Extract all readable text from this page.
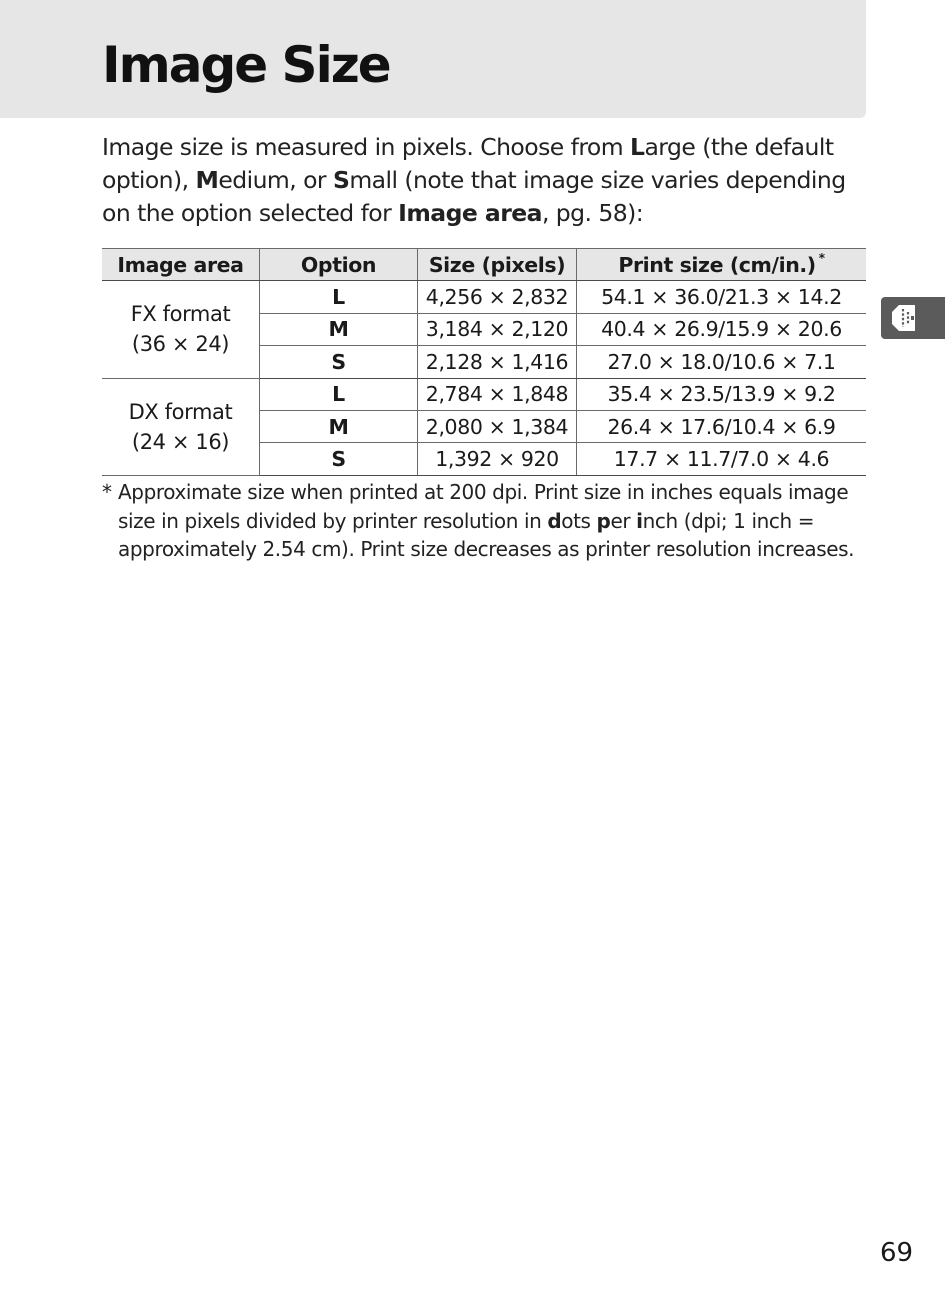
Image Size

Image size is measured in pixels. Choose from Large (the default option), Medium, or Small (note that image size varies depending on the option selected for Image area, pg. 58):

Image area	Option	Size (pixels)	Print size (cm/in.) *
FX format
(36 × 24)	L	4,256 × 2,832	54.1 × 36.0/21.3 × 14.2
	M	3,184 × 2,120	40.4 × 26.9/15.9 × 20.6
	S	2,128 × 1,416	27.0 × 18.0/10.6 × 7.1
DX format
(24 × 16)	L	2,784 × 1,848	35.4 × 23.5/13.9 × 9.2
	M	2,080 × 1,384	26.4 × 17.6/10.4 × 6.9
	S	1,392 × 920	17.7 × 11.7/7.0 × 4.6
* Approximate size when printed at 200 dpi. Print size in inches equals image size in pixels divided by printer resolution in dots per inch (dpi; 1 inch = approximately 2.54 cm). Print size decreases as printer resolution increases.
69
